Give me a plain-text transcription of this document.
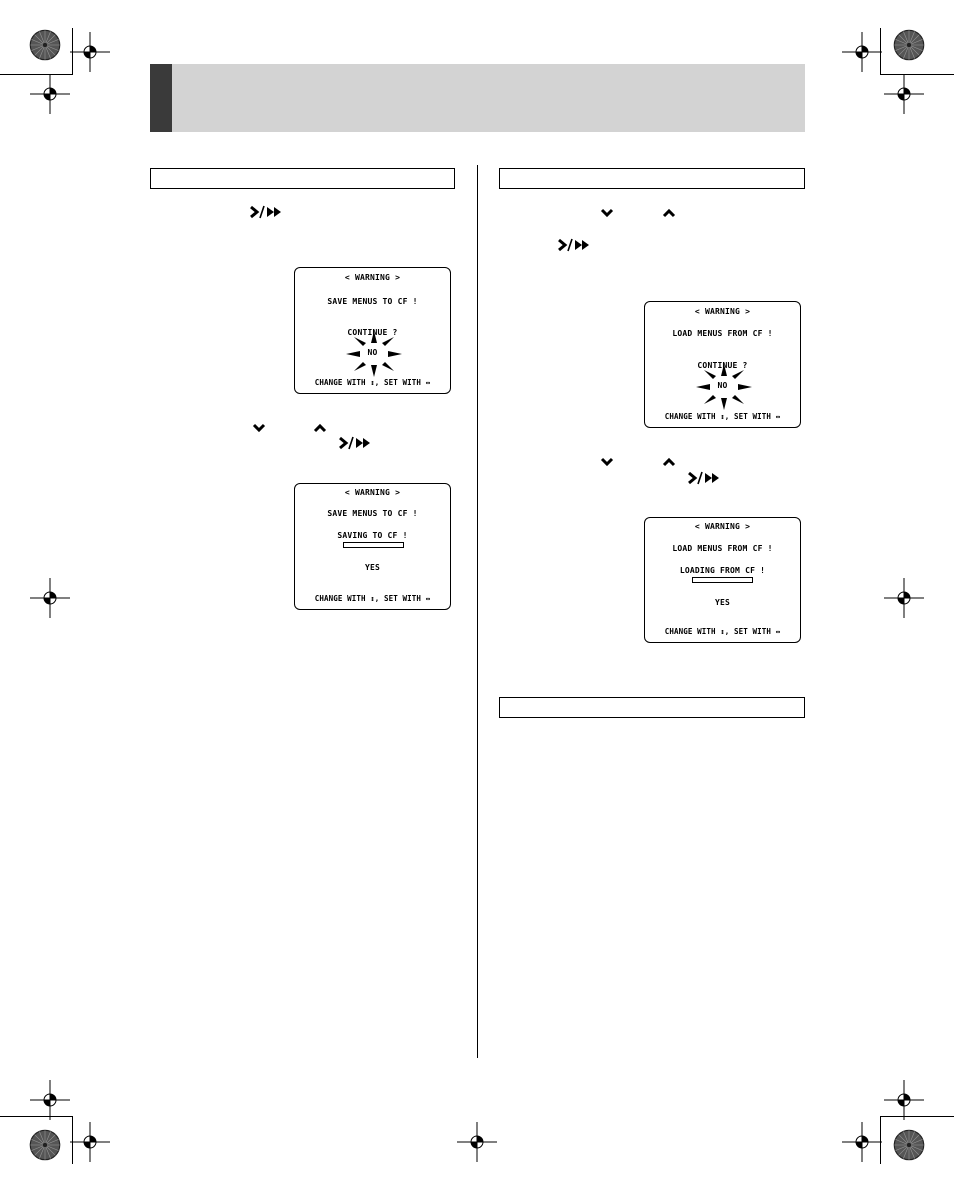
< WARNING >
SAVE MENUS TO CF !
CONTINUE ?
NO
CHANGE WITH ↕, SET WITH ↔
< WARNING >
SAVE MENUS TO CF !
SAVING TO CF !
YES
CHANGE WITH ↕, SET WITH ↔
< WARNING >
LOAD MENUS FROM CF !
CONTINUE ?
NO
CHANGE WITH ↕, SET WITH ↔
< WARNING >
LOAD MENUS FROM CF !
LOADING FROM CF !
YES
CHANGE WITH ↕, SET WITH ↔
